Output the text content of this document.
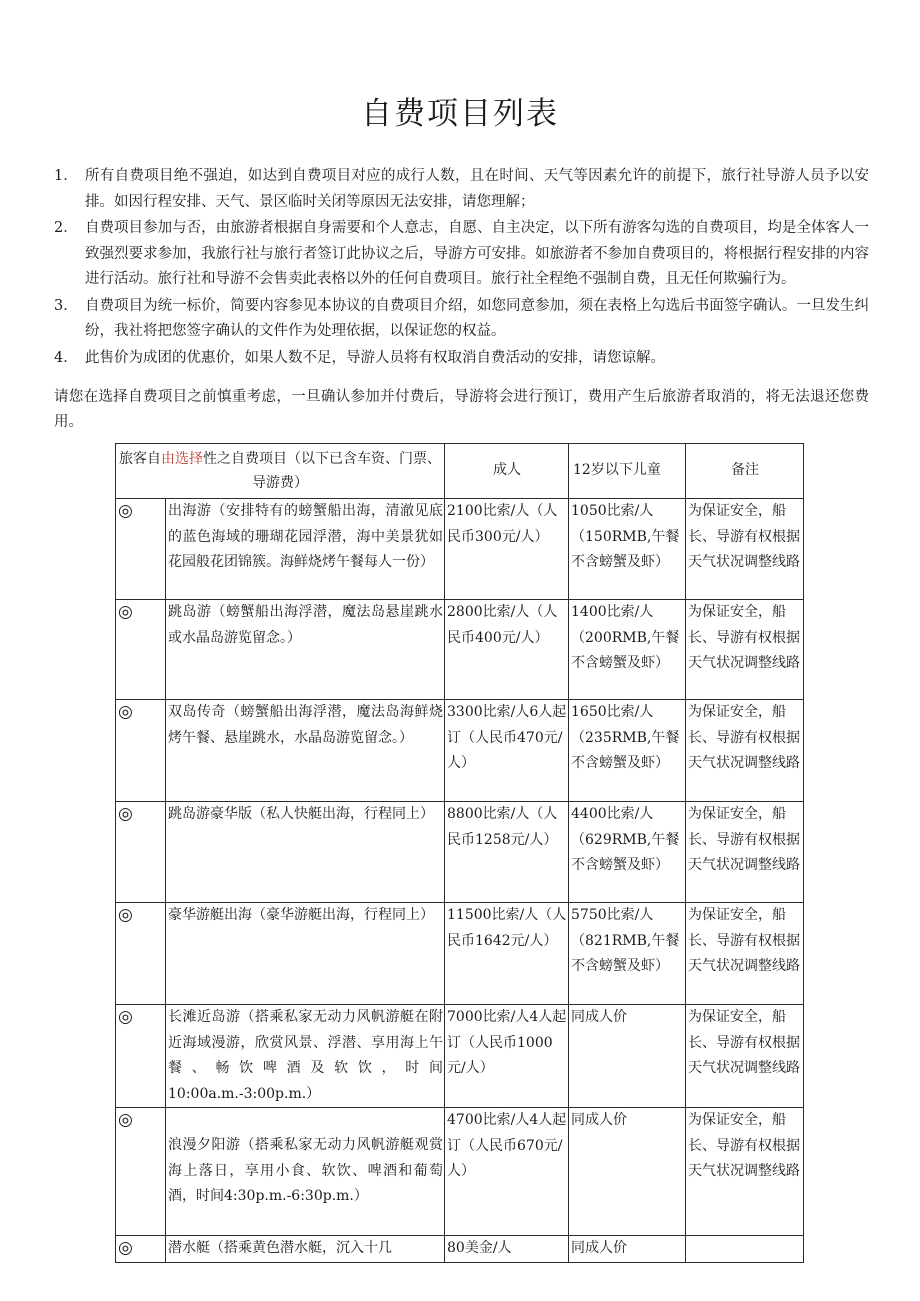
自费项目列表

1． 所有自费项目绝不强迫，如达到自费项目对应的成行人数，且在时间、天气等因素允许的前提下，旅行社导游人员予以安排。如因行程安排、天气、景区临时关闭等原因无法安排，请您理解；

2． 自费项目参加与否，由旅游者根据自身需要和个人意志，自愿、自主决定，以下所有游客勾选的自费项目，均是全体客人一致强烈要求参加，我旅行社与旅行者签订此协议之后，导游方可安排。如旅游者不参加自费项目的，将根据行程安排的内容进行活动。旅行社和导游不会售卖此表格以外的任何自费项目。旅行社全程绝不强制自费，且无任何欺骗行为。

3． 自费项目为统一标价，简要内容参见本协议的自费项目介绍，如您同意参加，须在表格上勾选后书面签字确认。一旦发生纠纷，我社将把您签字确认的文件作为处理依据，以保证您的权益。

4． 此售价为成团的优惠价，如果人数不足，导游人员将有权取消自费活动的安排，请您谅解。

请您在选择自费项目之前慎重考虑，一旦确认参加并付费后，导游将会进行预订，费用产生后旅游者取消的，将无法退还您费用。

旅客自由选择性之自费项目（以下已含车资、门票、导游费）		成人	12岁以下儿童	备注
◎	出海游（安排特有的螃蟹船出海，清澈见底的蓝色海域的珊瑚花园浮潜，海中美景犹如花园般花团锦簇。海鲜烧烤午餐每人一份）	2100比索/人（人民币300元/人）	1050比索/人（150RMB,午餐不含螃蟹及虾）	为保证安全，船长、导游有权根据天气状况调整线路
◎	跳岛游（螃蟹船出海浮潜，魔法岛悬崖跳水或水晶岛游览留念。）	2800比索/人（人民币400元/人）	1400比索/人（200RMB,午餐不含螃蟹及虾）	为保证安全，船长、导游有权根据天气状况调整线路
◎	双岛传奇（螃蟹船出海浮潜，魔法岛海鲜烧烤午餐、悬崖跳水，水晶岛游览留念。）	3300比索/人6人起订（人民币470元/人）	1650比索/人（235RMB,午餐不含螃蟹及虾）	为保证安全，船长、导游有权根据天气状况调整线路
◎	跳岛游豪华版（私人快艇出海，行程同上）	8800比索/人（人民币1258元/人）	4400比索/人（629RMB,午餐不含螃蟹及虾）	为保证安全，船长、导游有权根据天气状况调整线路
◎	豪华游艇出海（豪华游艇出海，行程同上）	11500比索/人（人民币1642元/人）	5750比索/人（821RMB,午餐不含螃蟹及虾）	为保证安全，船长、导游有权根据天气状况调整线路
◎	长滩近岛游（搭乘私家无动力风帆游艇在附近海域漫游，欣赏风景、浮潜、享用海上午餐、畅饮啤酒及软饮，时间10:00a.m.-3:00p.m.）	7000比索/人4人起订（人民币1000元/人）	同成人价	为保证安全，船长、导游有权根据天气状况调整线路
◎	浪漫夕阳游（搭乘私家无动力风帆游艇观赏海上落日，享用小食、软饮、啤酒和葡萄酒，时间4:30p.m.-6:30p.m.）	4700比索/人4人起订（人民币670元/人）	同成人价	为保证安全，船长、导游有权根据天气状况调整线路
◎	潜水艇（搭乘黄色潜水艇，沉入十几	80美金/人	同成人价	
